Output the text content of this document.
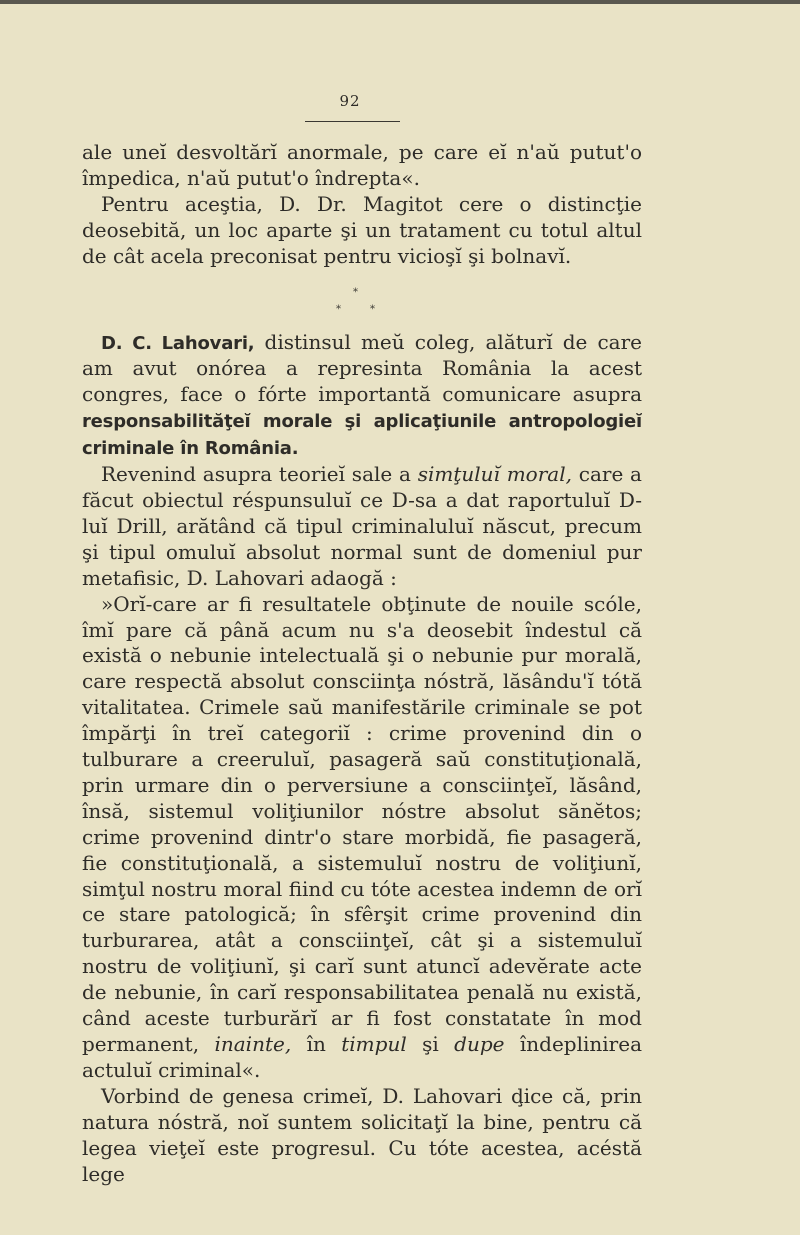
92

ale uneĭ desvoltărĭ anormale, pe care eĭ n'aŭ putut'o împedica, n'aŭ putut'o îndrepta«.

Pentru aceştia, D. Dr. Magitot cere o distincţie deosebită, un loc aparte şi un tratament cu totul altul de cât acela preconisat pentru vicioşĭ şi bolnavĭ.

*
*	*

D. C. Lahovari, distinsul meŭ coleg, alăturĭ de care am avut onórea a represinta România la acest congres, face o fórte importantă comunicare asupra responsabilităţeĭ morale şi aplicaţiunile antropologieĭ criminale în România.

Revenind asupra teorieĭ sale a simţuluĭ moral, care a făcut obiectul réspunsuluĭ ce D-sa a dat raportuluĭ D-luĭ Drill, arătând că tipul criminaluluĭ născut, precum şi tipul omuluĭ absolut normal sunt de domeniul pur metafisic, D. Lahovari adaogă :

»Orĭ-care ar fi resultatele obţinute de nouile scóle, îmĭ pare că până acum nu s'a deosebit îndestul că există o nebunie intelectuală şi o nebunie pur morală, care respectă absolut consciinţa nóstră, lăsându'ĭ tótă vitalitatea. Crimele saŭ manifestările criminale se pot împărţi în treĭ categoriĭ : crime provenind din o tulburare a creeruluĭ, pasageră saŭ constituţională, prin urmare din o perversiune a consciinţeĭ, lăsând, însă, sistemul voliţiunilor nóstre absolut sănĕtos; crime provenind dintr'o stare morbidă, fie pasageră, fie constituţională, a sistemuluĭ nostru de voliţiunĭ, simţul nostru moral fiind cu tóte acestea indemn de orĭ ce stare patologică; în sfêrşit crime provenind din turburarea, atât a consciinţeĭ, cât şi a sistemuluĭ nostru de voliţiunĭ, şi carĭ sunt atuncĭ adevĕrate acte de nebunie, în carĭ responsabilitatea penală nu există, când aceste turburărĭ ar fi fost constatate în mod permanent, inainte, în timpul şi dupe îndeplinirea actuluĭ criminal«.

Vorbind de genesa crimeĭ, D. Lahovari ḑice că, prin natura nóstră, noĭ suntem solicitaţĭ la bine, pentru că legea vieţeĭ este progresul. Cu tóte acestea, acéstă lege
